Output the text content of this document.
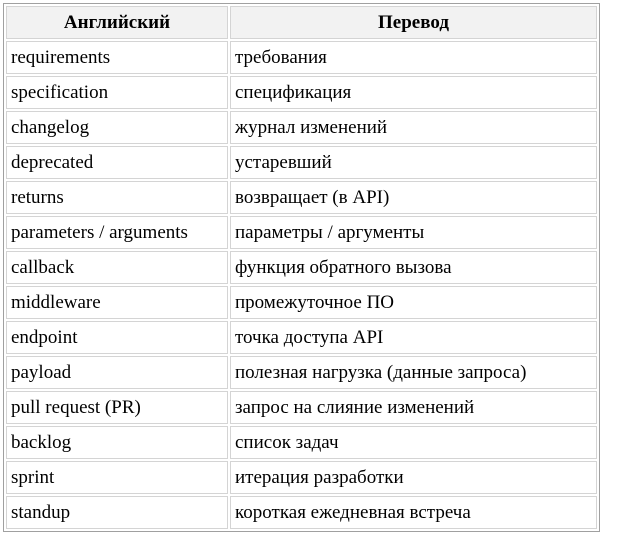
Английский	Перевод
requirements	требования
specification	спецификация
changelog	журнал изменений
deprecated	устаревший
returns	возвращает (в API)
parameters / arguments	параметры / аргументы
callback	функция обратного вызова
middleware	промежуточное ПО
endpoint	точка доступа API
payload	полезная нагрузка (данные запроса)
pull request (PR)	запрос на слияние изменений
backlog	список задач
sprint	итерация разработки
standup	короткая ежедневная встреча
